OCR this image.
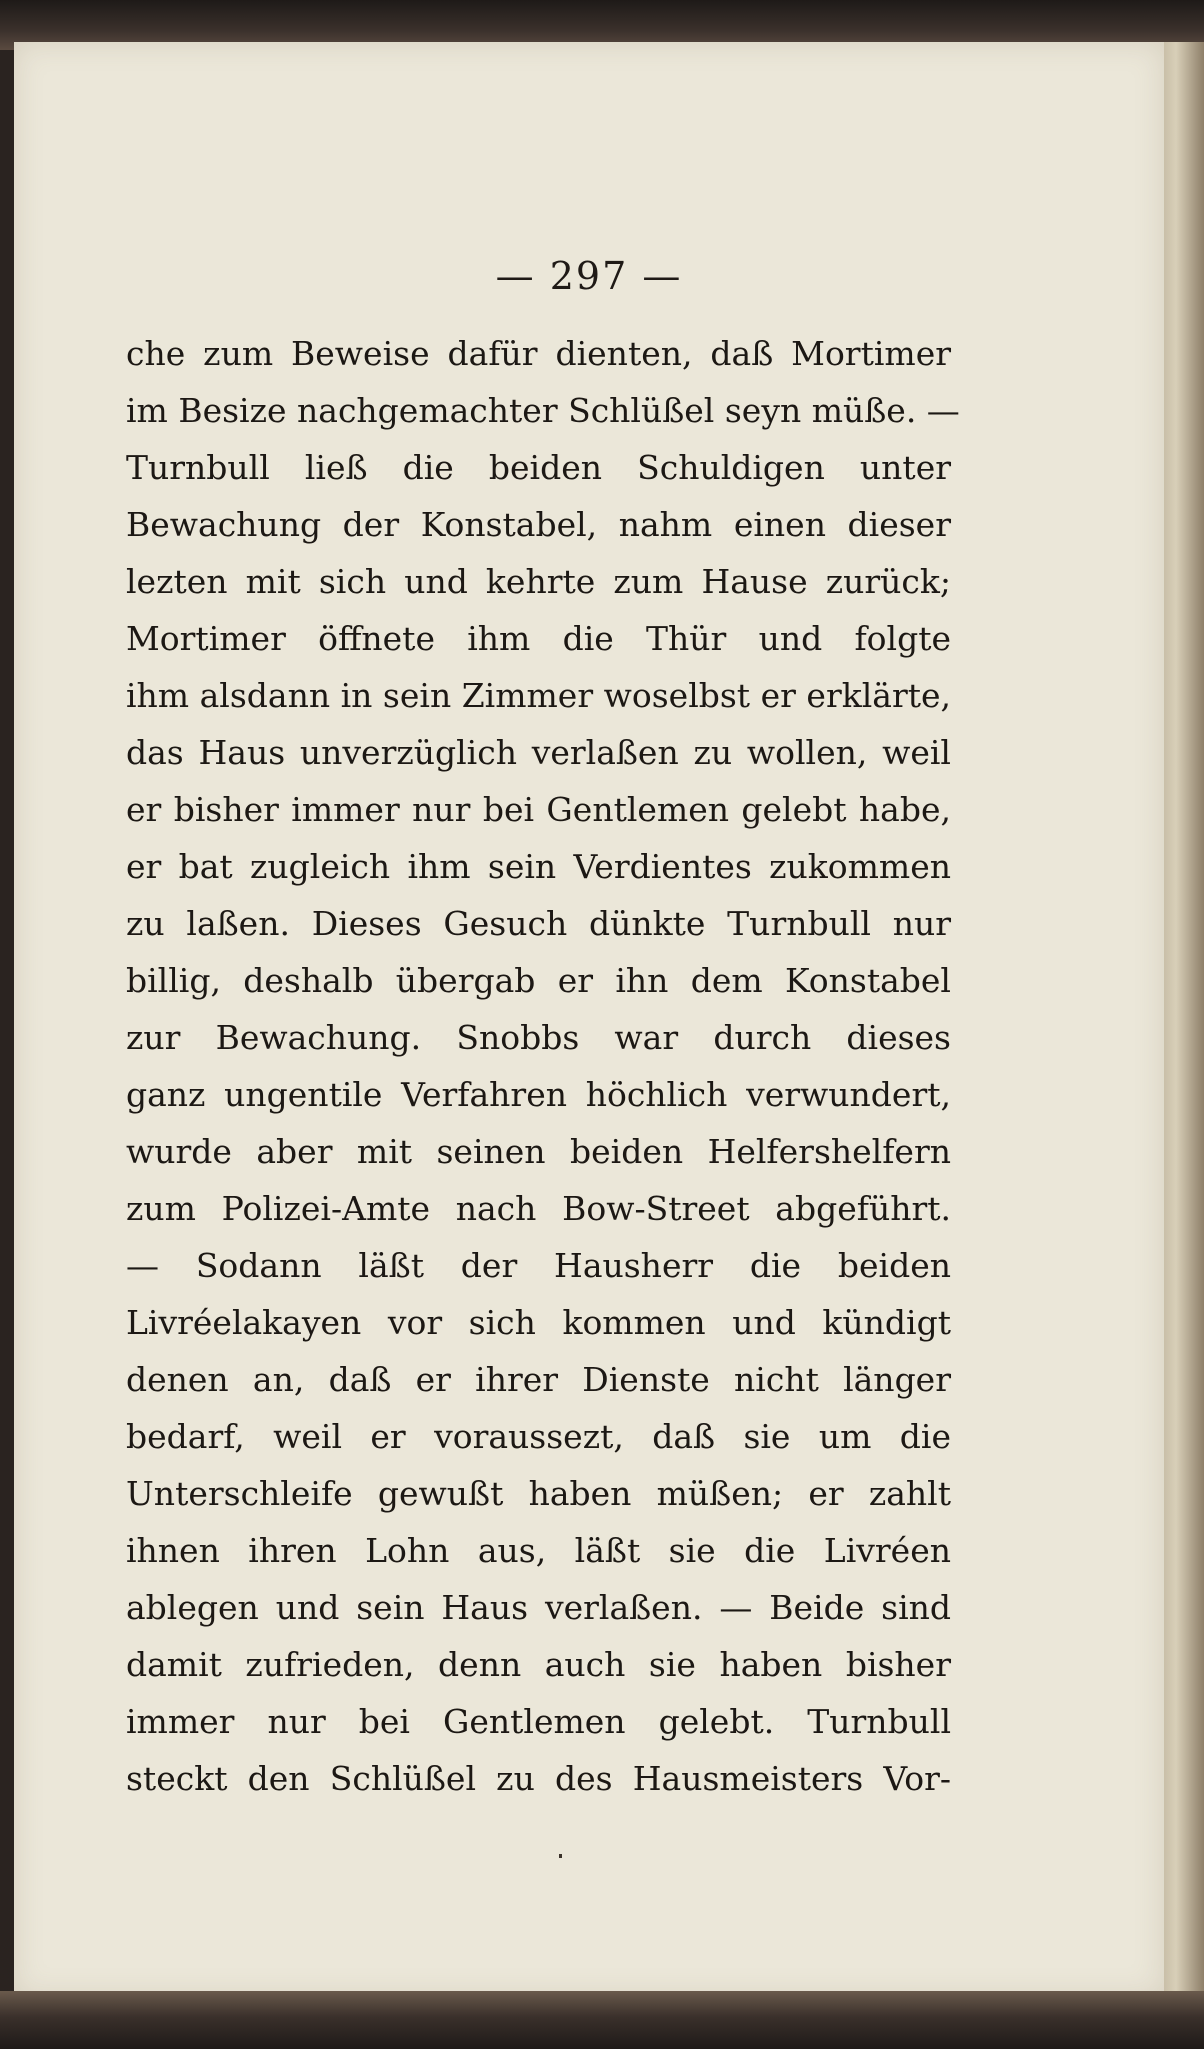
— 297 —
che zum Beweise dafür dienten, daß Mortimer
im Besize nachgemachter Schlüßel seyn müße. —
Turnbull ließ die beiden Schuldigen unter
Bewachung der Konstabel, nahm einen dieser
lezten mit sich und kehrte zum Hause zurück;
Mortimer öffnete ihm die Thür und folgte
ihm alsdann in sein Zimmer woselbst er erklärte,
das Haus unverzüglich verlaßen zu wollen, weil
er bisher immer nur bei Gentlemen gelebt habe,
er bat zugleich ihm sein Verdientes zukommen
zu laßen. Dieses Gesuch dünkte Turnbull nur
billig, deshalb übergab er ihn dem Konstabel
zur Bewachung. Snobbs war durch dieses
ganz ungentile Verfahren höchlich verwundert,
wurde aber mit seinen beiden Helfershelfern
zum Polizei-Amte nach Bow-Street abgeführt.
— Sodann läßt der Hausherr die beiden
Livréelakayen vor sich kommen und kündigt
denen an, daß er ihrer Dienste nicht länger
bedarf, weil er voraussezt, daß sie um die
Unterschleife gewußt haben müßen; er zahlt
ihnen ihren Lohn aus, läßt sie die Livréen
ablegen und sein Haus verlaßen. — Beide sind
damit zufrieden, denn auch sie haben bisher
immer nur bei Gentlemen gelebt. Turnbull
steckt den Schlüßel zu des Hausmeisters Vor-
